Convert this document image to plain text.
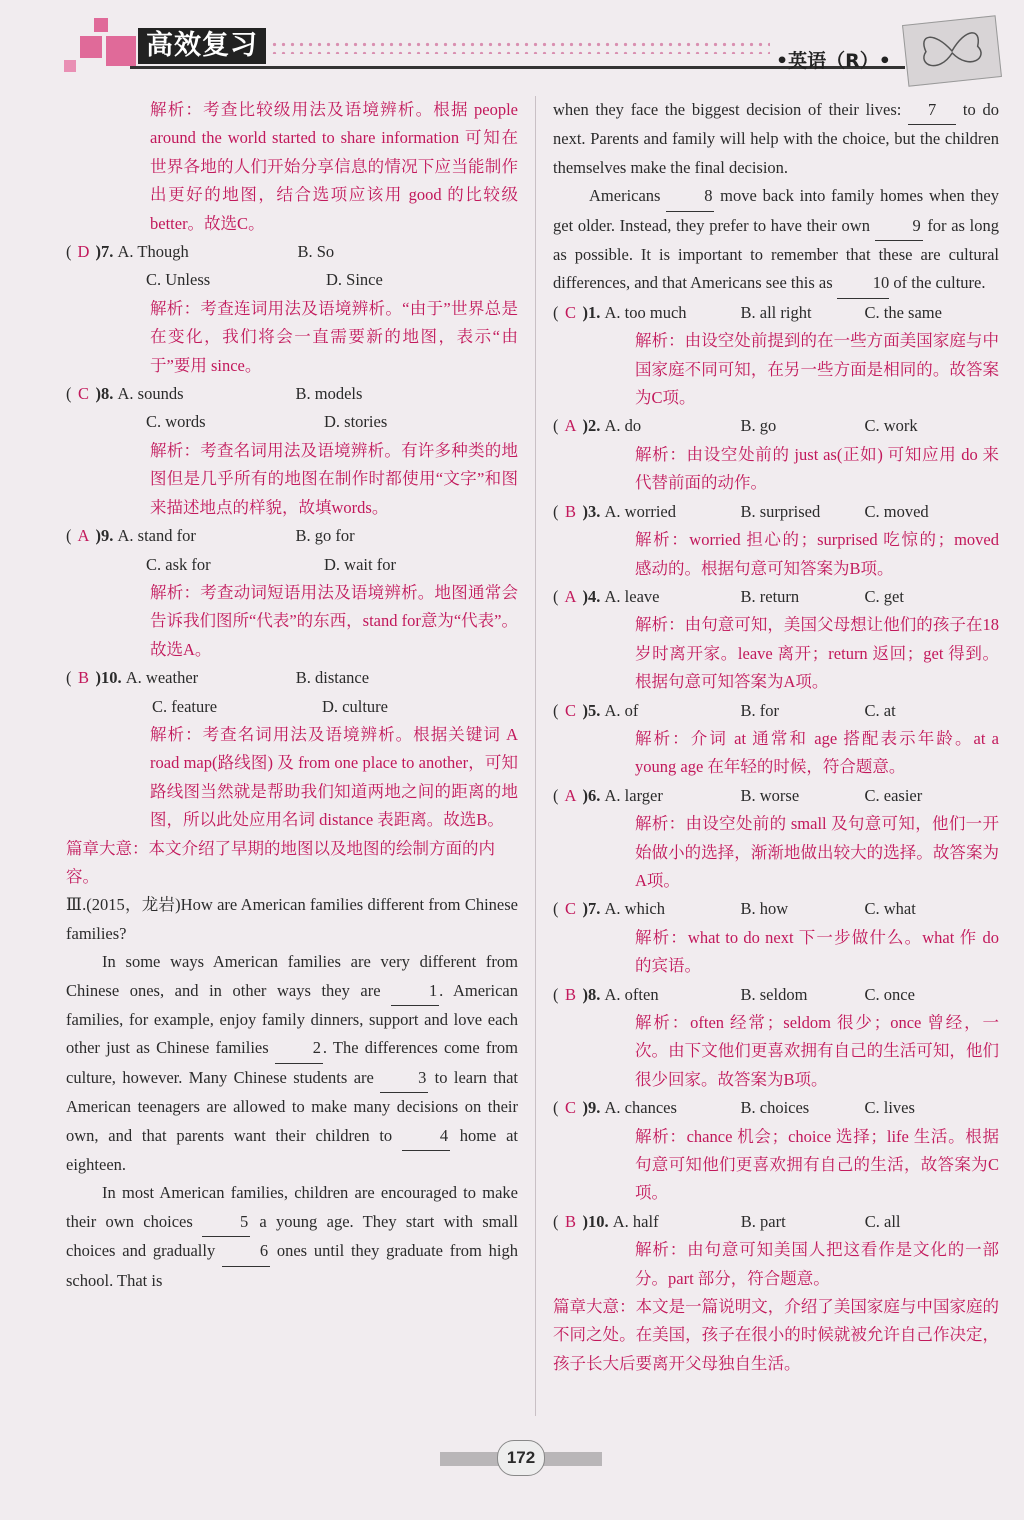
高效复习	•英语（R）•
解析：考查比较级用法及语境辨析。根据 people around the world started to share information 可知在世界各地的人们开始分享信息的情况下应当能制作出更好的地图，结合选项应该用 good 的比较级 better。故选C。
( D )7.
A. Though	B. So
C. Unless	D. Since
解析：考查连词用法及语境辨析。“由于”世界总是在变化，我们将会一直需要新的地图，表示“由于”要用 since。
( C )8.
A. sounds	B. models
C. words	D. stories
解析：考查名词用法及语境辨析。有许多种类的地图但是几乎所有的地图在制作时都使用“文字”和图来描述地点的样貌，故填words。
( A )9.
A. stand for	B. go for
C. ask for	D. wait for
解析：考查动词短语用法及语境辨析。地图通常会告诉我们图所“代表”的东西，stand for意为“代表”。故选A。
( B )10.
A. weather	B. distance
C. feature	D. culture
解析：考查名词用法及语境辨析。根据关键词 A road map(路线图) 及 from one place to another，可知路线图当然就是帮助我们知道两地之间的距离的地图，所以此处应用名词 distance 表距离。故选B。
篇章大意：本文介绍了早期的地图以及地图的绘制方面的内容。
Ⅲ.(2015，龙岩)How are American families different from Chinese families?
In some ways American families are very different from Chinese ones, and in other ways they are	1 . American families, for example, enjoy family dinners, support and love each other just as Chinese families	2 . The differences come from culture, however. Many Chinese students are	3 to learn that American teenagers are allowed to make many decisions on their own, and that parents want their children to	4 home at eighteen.
In most American families, children are encouraged to make their own choices	5 a young age. They start with small choices and gradually	6 ones until they graduate from high school. That is
when they face the biggest decision of their lives: 7 to do next. Parents and family will help with the choice, but the children themselves make the final decision.
Americans	8 move back into family homes when they get older. Instead, they prefer to have their own	9 for as long as possible. It is important to remember that these are cultural differences, and that Americans see this as 10 of the culture.
( C )1.
A. too much	B. all right	C. the same
解析：由设空处前提到的在一些方面美国家庭与中国家庭不同可知，在另一些方面是相同的。故答案为C项。
( A )2.
A. do	B. go	C. work
解析：由设空处前的 just as(正如) 可知应用 do 来代替前面的动作。
( B )3.
A. worried	B. surprised	C. moved
解析：worried 担心的；surprised 吃惊的；moved 感动的。根据句意可知答案为B项。
( A )4.
A. leave	B. return	C. get
解析：由句意可知，美国父母想让他们的孩子在18岁时离开家。leave 离开；return 返回；get 得到。根据句意可知答案为A项。
( C )5.
A. of	B. for	C. at
解析：介词 at 通常和 age 搭配表示年龄。at a young age 在年轻的时候，符合题意。
( A )6.
A. larger	B. worse	C. easier
解析：由设空处前的 small 及句意可知，他们一开始做小的选择，渐渐地做出较大的选择。故答案为A项。
( C )7.
A. which	B. how	C. what
解析：what to do next 下一步做什么。what 作 do 的宾语。
( B )8.
A. often	B. seldom	C. once
解析：often 经常；seldom 很少；once 曾经，一次。由下文他们更喜欢拥有自己的生活可知，他们很少回家。故答案为B项。
( C )9.
A. chances	B. choices	C. lives
解析：chance 机会；choice 选择；life 生活。根据句意可知他们更喜欢拥有自己的生活，故答案为C项。
( B )10.
A. half	B. part	C. all
解析：由句意可知美国人把这看作是文化的一部分。part 部分，符合题意。
篇章大意：本文是一篇说明文，介绍了美国家庭与中国家庭的不同之处。在美国，孩子在很小的时候就被允许自己作决定，孩子长大后要离开父母独自生活。
172
